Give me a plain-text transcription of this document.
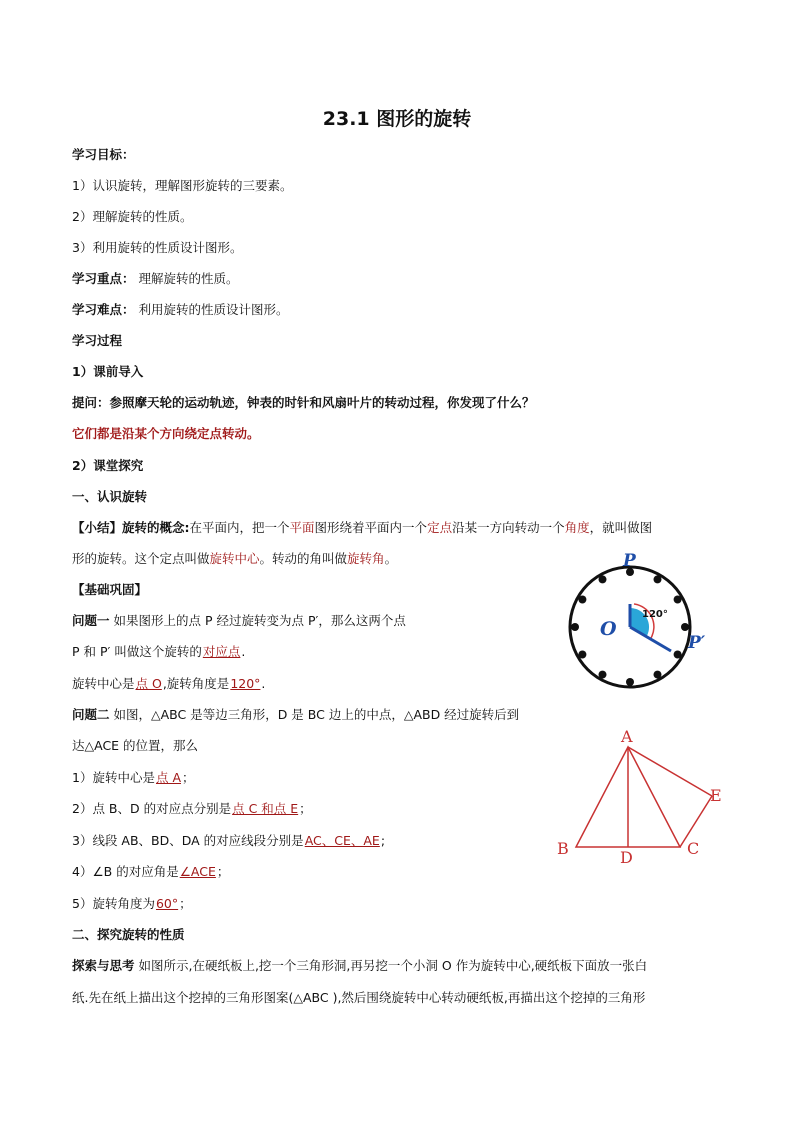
23.1 图形的旋转
学习目标：
1）认识旋转，理解图形旋转的三要素。
2）理解旋转的性质。
3）利用旋转的性质设计图形。
学习重点： 理解旋转的性质。
学习难点： 利用旋转的性质设计图形。
学习过程
1）课前导入
提问：参照摩天轮的运动轨迹，钟表的时针和风扇叶片的转动过程，你发现了什么？
它们都是沿某个方向绕定点转动。
2）课堂探究
一、认识旋转
【小结】旋转的概念:在平面内，把一个平面图形绕着平面内一个定点沿某一方向转动一个角度，就叫做图
形的旋转。这个定点叫做旋转中心。转动的角叫做旋转角。
【基础巩固】
问题一 如果图形上的点 P 经过旋转变为点 P′，那么这两个点
P 和 P′ 叫做这个旋转的对应点.
旋转中心是点 O,旋转角度是120°.
问题二 如图，△ABC 是等边三角形，D 是 BC 边上的中点，△ABD 经过旋转后到
达△ACE 的位置，那么
1）旋转中心是点 A；
2）点 B、D 的对应点分别是点 C 和点 E；
3）线段 AB、BD、DA 的对应线段分别是AC、CE、AE;
4）∠B 的对应角是∠ACE；
5）旋转角度为60°；
二、探究旋转的性质
探索与思考 如图所示,在硬纸板上,挖一个三角形洞,再另挖一个小洞 O 作为旋转中心,硬纸板下面放一张白
纸.先在纸上描出这个挖掉的三角形图案(△ABC ),然后围绕旋转中心转动硬纸板,再描出这个挖掉的三角形
P
O
P′
120°
A
B	C
D
E
